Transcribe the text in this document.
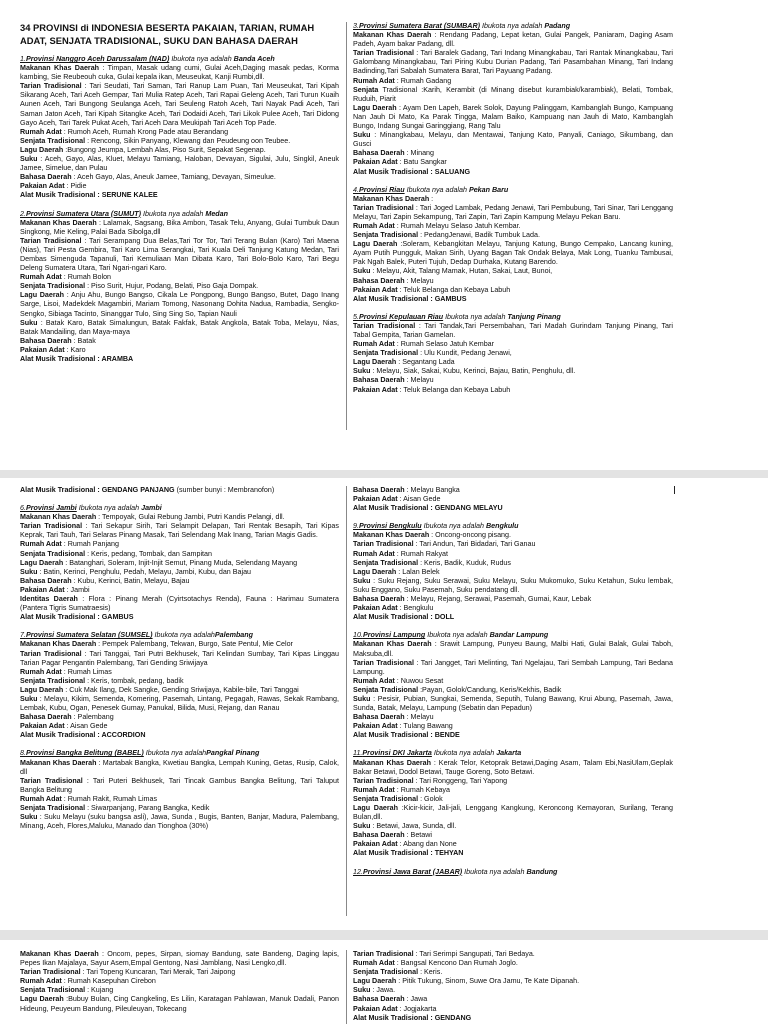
34 PROVINSI di INDONESIA BESERTA PAKAIAN, TARIAN, RUMAH ADAT, SENJATA TRADISIONAL, SUKU DAN BAHASA DAERAH

1.Provinsi Nanggro Aceh Darussalam (NAD) Ibukota nya adalah Banda Aceh

Makanan Khas Daerah : Timpan, Masak udang cumi, Gulai Aceh,Daging masak pedas, Korma kambing, Sie Reubeouh cuka, Gulai kepala ikan, Meuseukat, Kanji Rumbi,dll.

Tarian Tradisional : Tari Seudati, Tari Saman, Tari Ranup Lam Puan, Tari Meuseukat, Tari Kipah Sikarang Aceh, Tari Aceh Gempar, Tari Mulia Ratep Aceh, Tari Rapai Geleng Aceh, Tari Turun Kuaih Aunen Aceh, Tari Bungong Seulanga Aceh, Tari Seuleng Ratoh Aceh, Tari Nayak Padi Aceh, Tari Saman Jaton Aceh, Tari Kipah Sitangke Aceh, Tari Dodaidi Aceh, Tari Likok Pulee Aceh, Tari Didong Gayo Aceh, Tari Tarek Pukat Aceh, Tari Aceh Dara Meukipah Tari Aceh Top Pade.

Rumah Adat : Rumoh Aceh, Rumah Krong Pade atau Berandang

Senjata Tradisional : Rencong, Sikin Panyang, Klewang dan Peudeung oon Teubee.

Lagu Daerah :Bungong Jeumpa, Lembah Alas, Piso Surit, Sepakat Segenap.

Suku : Aceh, Gayo, Alas, Kluet, Melayu Tamiang, Haloban, Devayan, Sigulai, Julu, Singkil, Aneuk Jamee, Simelue, dan Pulau

Bahasa Daerah : Aceh Gayo, Alas, Aneuk Jamee, Tamiang, Devayan, Simeulue.

Pakaian Adat : Pidie

Alat Musik Tradisional : SERUNE KALEE

2.Provinsi Sumatera Utara (SUMUT) Ibukota nya adalah Medan

Makanan Khas Daerah : Lalamak, Sagsang, Bika Ambon, Tasak Telu, Anyang, Gulai Tumbuk Daun Singkong, Mie Keling, Palai Bada Sibolga,dll

Tarian Tradisional : Tari Serampang Dua Belas,Tari Tor Tor, Tari Terang Bulan (Karo) Tari Maena (Nias), Tari Pesta Gembira, Tari Karo Lima Serangkai, Tari Kuala Deli Tanjung Katung Medan, Tari Dembas Simenguda Tapanuli, Tari Kemuliaan Man Dibata Karo, Tari Bolo-Bolo Karo, Tari Begu Deleng Sumatera Utara, Tari Ngari-ngari Karo.

Rumah Adat : Rumah Bolon

Senjata Tradisional : Piso Surit, Hujur, Podang, Belati, Piso Gaja Dompak.

Lagu Daerah : Anju Ahu, Bungo Bangso, Cikala Le Pongpong, Bungo Bangso, Butet, Dago Inang Sarge, Lisoi, Madekdek Magambiri, Mariam Tomong, Nasonang Dohita Nadua, Rambadia, Sengko-Sengko, Sibiaga Tacinto, Sinanggar Tulo, Sing Sing So, Tapian Nauli

Suku : Batak Karo, Batak Simalungun, Batak Fakfak, Batak Angkola, Batak Toba, Melayu, Nias, Batak Mandailing, dan Maya-maya

Bahasa Daerah : Batak

Pakaian Adat : Karo

Alat Musik Tradisional : ARAMBA

3.Provinsi Sumatera Barat (SUMBAR) Ibukota nya adalah Padang

Makanan Khas Daerah : Rendang Padang, Lepat ketan, Gulai Pangek, Paniaram, Daging Asam Padeh, Ayam bakar Padang, dll.

Tarian Tradisional : Tari Baralek Gadang, Tari Indang Minangkabau, Tari Rantak Minangkabau, Tari Galombang Minangkabau, Tari Piring Kubu Durian Padang, Tari Pasambahan Minang, Tari Indang Badinding,Tari Sabalah Sumatera Barat, Tari Payuang Padang.

Rumah Adat : Rumah Gadang

Senjata Tradisional :Karih, Kerambit (di Minang disebut kurambiak/karambiak), Belati, Tombak, Ruduih, Piarit

Lagu Daerah : Ayam Den Lapeh, Barek Solok, Dayung Palinggam, Kambanglah Bungo, Kampuang Nan Jauh Di Mato, Ka Parak Tingga, Malam Baiko, Kampuang nan Jauh di Mato, Kambanglah Bungo, Indang Sungai Garinggiang, Rang Talu

Suku : Minangkabau, Melayu, dan Mentawai, Tanjung Kato, Panyali, Caniago, Sikumbang, dan Gusci

Bahasa Daerah : Minang

Pakaian Adat : Batu Sangkar

Alat Musik Tradisional : SALUANG

4.Provinsi Riau Ibukota nya adalah Pekan Baru

Makanan Khas Daerah :

Tarian Tradisional : Tari Joged Lambak, Pedang Jenawi, Tari Pembubung, Tari Sinar, Tari Lenggang Melayu, Tari Zapin Sekampung, Tari Zapin, Tari Zapin Kampung Melayu Pekan Baru.

Rumah Adat : Rumah Melayu Selaso Jatuh Kembar.

Senjata Tradisional : PedangJenawi, Badik Tumbuk Lada.

Lagu Daerah :Soleram, Kebangkitan Melayu, Tanjung Katung, Bungo Cempako, Lancang kuning, Ayam Putih Pungguk, Makan Sirih, Uyang Bagan Tak Ondak Belaya, Mak Long, Tuanku Tambusai, Pak Ngah Balek, Puteri Tujuh, Dedap Durhaka, Kutang Barendo.

Suku : Melayu, Akit, Talang Mamak, Hutan, Sakai, Laut, Bunoi,

Bahasa Daerah : Melayu

Pakaian Adat : Teluk Belanga dan Kebaya Labuh

Alat Musik Tradisional : GAMBUS

5.Provinsi Kepulauan Riau Ibukota nya adalah Tanjung Pinang

Tarian Tradisional : Tari Tandak,Tari Persembahan, Tari Madah Gurindam Tanjung Pinang, Tari Tabal Gempita, Tarian Gamelan.

Rumah Adat : Rumah Selaso Jatuh Kembar

Senjata Tradisional : Ulu Kundit, Pedang Jenawi,

Lagu Daerah : Segantang Lada

Suku : Melayu, Siak, Sakai, Kubu, Kerinci, Bajau, Batin, Penghulu, dll.

Bahasa Daerah : Melayu

Pakaian Adat : Teluk Belanga dan Kebaya Labuh

Alat Musik Tradisional : GENDANG PANJANG (sumber bunyi : Membranofon)

6.Provinsi Jambi Ibukota nya adalah Jambi

Makanan Khas Daerah : Tempoyak, Gulai Rebung Jambi, Putri Kandis Pelangi, dll.

Tarian Tradisional : Tari Sekapur Sirih, Tari Selampit Delapan, Tari Rentak Besapih, Tari Kipas Keprak, Tari Tauh, Tari Selaras Pinang Masak, Tari Selendang Mak Inang, Tarian Magis Gadis.

Rumah Adat : Rumah Panjang

Senjata Tradisional : Keris, pedang, Tombak, dan Sampitan

Lagu Daerah : Batanghari, Soleram, Injit-Injit Semut, Pinang Muda, Selendang Mayang

Suku : Batin, Kerinci, Penghulu, Pedah, Melayu, Jambi, Kubu, dan Bajau

Bahasa Daerah : Kubu, Kerinci, Batin, Melayu, Bajau

Pakaian Adat : Jambi

Identitas Daerah : Flora : Pinang Merah (Cyirtsotachys Renda), Fauna : Harimau Sumatera (Pantera Tigris Sumatraesis)

Alat Musik Tradisional : GAMBUS

7.Provinsi Sumatera Selatan (SUMSEL) Ibukota nya adalahPalembang

Makanan Khas Daerah : Pempek Palembang, Tekwan, Burgo, Sate Pentul, Mie Celor

Tarian Tradisional : Tari Tanggai, Tari Putri Bekhusek, Tari Kelindan Sumbay, Tari Kipas Linggau Tarian Pagar Pengantin Palembang, Tari Gending Sriwijaya

Rumah Adat : Rumah Limas

Senjata Tradisional : Keris, tombak, pedang, badik

Lagu Daerah : Cuk Mak Ilang, Dek Sangke, Gending Sriwijaya, Kabile-bile, Tari Tanggai

Suku : Melayu, Kikim, Semenda, Komering, Pasemah, Lintang, Pegagah, Rawas, Sekak Rambang, Lembak, Kubu, Ogan, Penesek Gumay, Panukal, Bilida, Musi, Rejang, dan Ranau

Bahasa Daerah : Palembang

Pakaian Adat : Aisan Gede

Alat Musik Tradisional : ACCORDION

8.Provinsi Bangka Belitung (BABEL) Ibukota nya adalahPangkal Pinang

Makanan Khas Daerah : Martabak Bangka, Kwetiau Bangka, Lempah Kuning, Getas, Rusip, Calok, dll

Tarian Tradisional : Tari Puteri Bekhusek, Tari Tincak Gambus Bangka Belitung, Tari Taluput Bangka Belitung

Rumah Adat : Rumah Rakit, Rumah Limas

Senjata Tradisional : Siwarpanjang, Parang Bangka, Kedik

Suku : Suku Melayu (suku bangsa asli), Jawa, Sunda , Bugis, Banten, Banjar, Madura, Palembang, Minang, Aceh, Flores,Maluku, Manado dan Tionghoa (30%)

Bahasa Daerah : Melayu Bangka

Pakaian Adat : Aisan Gede

Alat Musik Tradisional : GENDANG MELAYU

9.Provinsi Bengkulu Ibukota nya adalah Bengkulu

Makanan Khas Daerah : Oncong-oncong pisang.

Tarian Tradisional : Tari Andun, Tari Bidadari, Tari Ganau

Rumah Adat : Rumah Rakyat

Senjata Tradisional : Keris, Badik, Kuduk, Rudus

Lagu Daerah : Lalan Belek

Suku : Suku Rejang, Suku Serawai, Suku Melayu, Suku Mukomuko, Suku Ketahun, Suku lembak, Suku Enggano, Suku Pasemah, Suku pendatang dll.

Bahasa Daerah : Melayu, Rejang, Serawai, Pasemah, Gumai, Kaur, Lebak

Pakaian Adat : Bengkulu

Alat Musik Tradisional : DOLL

10.Provinsi Lampung Ibukota nya adalah Bandar Lampung

Makanan Khas Daerah : Srawit Lampung, Punyeu Baung, Malbi Hati, Gulai Balak, Gulai Taboh, Maksuba,dll.

Tarian Tradisional : Tari Jangget, Tari Melinting, Tari Ngelajau, Tari Sembah Lampung, Tari Bedana Lampung.

Rumah Adat : Nuwou Sesat

Senjata Tradisional :Payan, Golok/Candung, Keris/Kekhis, Badik

Suku : Pesisir, Pubian, Sungkai, Semenda, Seputih, Tulang Bawang, Krui Abung, Pasemah, Jawa, Sunda, Batak, Melayu, Lampung (Sebatin dan Pepadun)

Bahasa Daerah : Melayu

Pakaian Adat : Tulang Bawang

Alat Musik Tradisional : BENDE

11.Provinsi DKI Jakarta Ibukota nya adalah Jakarta

Makanan Khas Daerah : Kerak Telor, Ketoprak Betawi,Daging Asam, Talam Ebi,NasiUlam,Geplak Bakar Betawi, Dodol Betawi, Tauge Goreng, Soto Betawi.

Tarian Tradisional : Tari Ronggeng, Tari Yapong

Rumah Adat : Rumah Kebaya

Senjata Tradisional : Golok

Lagu Daerah :Kicir-kicir, Jali-jali, Lenggang Kangkung, Keroncong Kemayoran, Surilang, Terang Bulan,dll.

Suku : Betawi, Jawa, Sunda, dll.

Bahasa Daerah : Betawi

Pakaian Adat : Abang dan None

Alat Musik Tradisional : TEHYAN

12.Provinsi Jawa Barat (JABAR) Ibukota nya adalah Bandung

Makanan Khas Daerah : Oncom, pepes, Sirpan, siomay Bandung, sate Bandeng, Daging lapis, Pepes Ikan Majalaya, Sayur Asem,Empal Gentong, Nasi Jamblang, Nasi Lengko,dll.

Tarian Tradisional : Tari Topeng Kuncaran, Tari Merak, Tari Jaipong

Rumah Adat : Rumah Kasepuhan Cirebon

Senjata Tradisional : Kujang

Lagu Daerah :Bubuy Bulan, Cing Cangkeling, Es Lilin, Karatagan Pahlawan, Manuk Dadali, Panon Hideung, Peuyeum Bandung, Pileuleuyan, Tokecang

Tarian Tradisional : Tari Serimpi Sangupati, Tari Bedaya.

Rumah Adat : Bangsal Kencono Dan Rumah Joglo.

Senjata Tradisional : Keris.

Lagu Daerah : Pitik Tukung, Sinom, Suwe Ora Jamu, Te Kate Dipanah.

Suku : Jawa.

Bahasa Daerah : Jawa

Pakaian Adat : Jogjakarta

Alat Musik Tradisional : GENDANG
